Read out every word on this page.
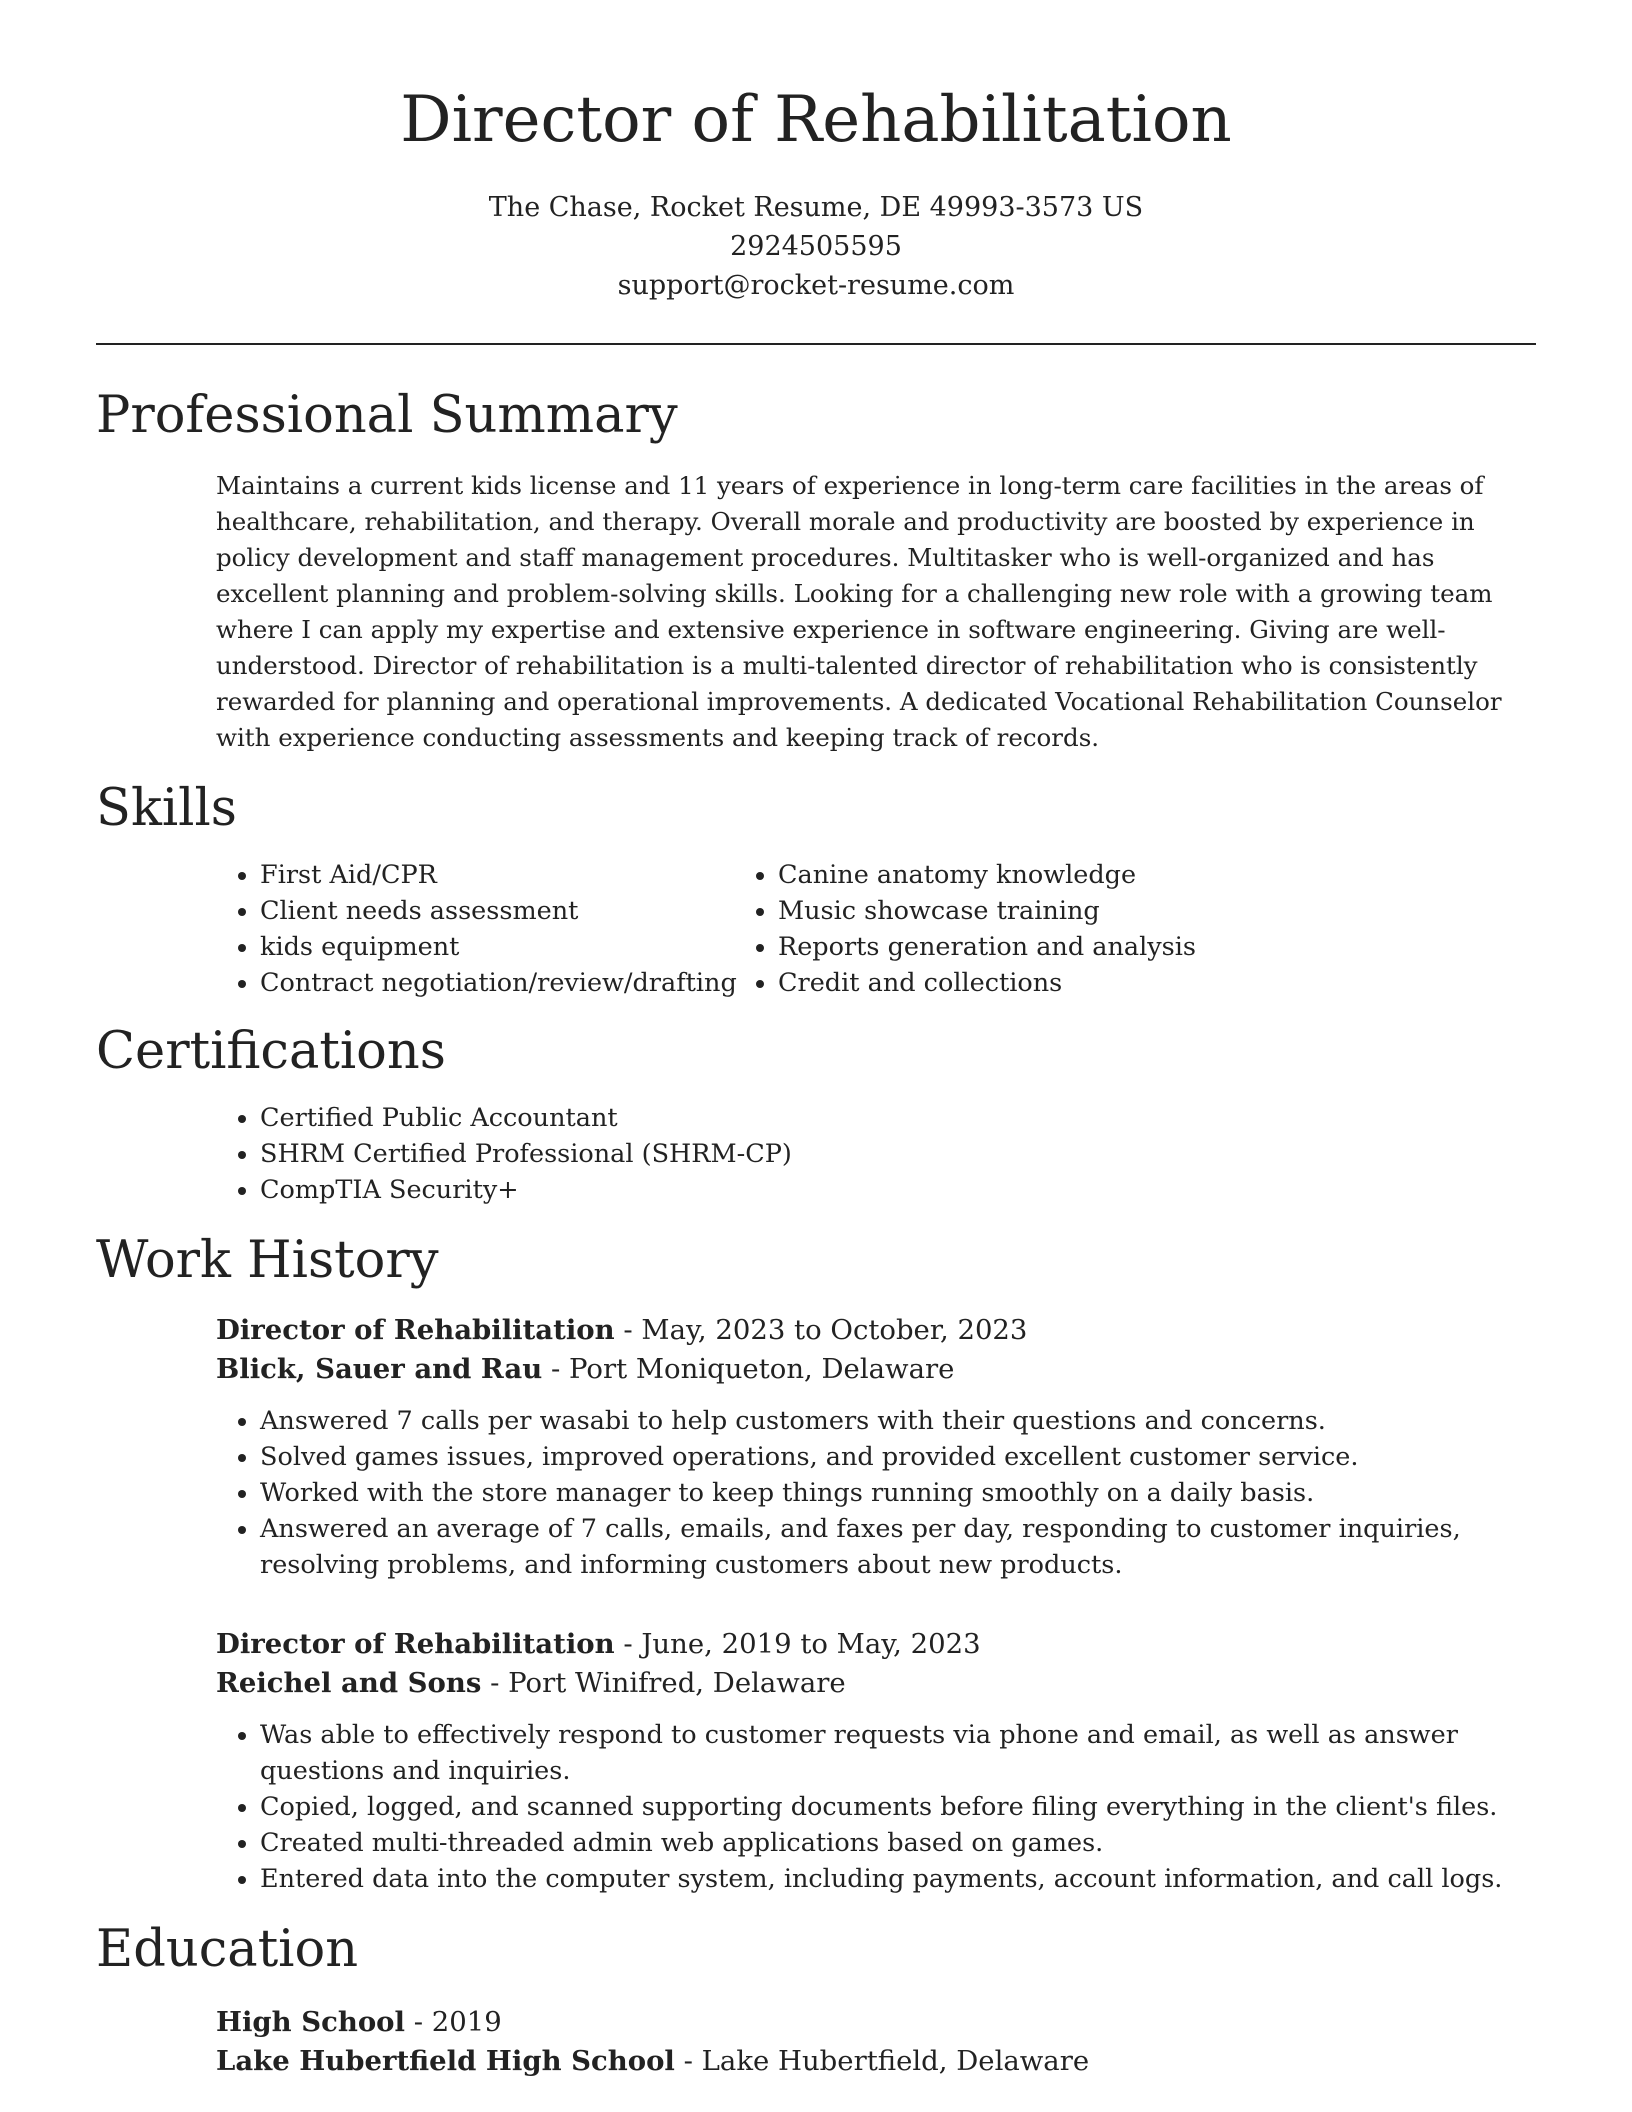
Director of Rehabilitation
The Chase, Rocket Resume, DE 49993-3573 US
2924505595
support@rocket-resume.com
Professional Summary
Maintains a current kids license and 11 years of experience in long-term care facilities in the areas of healthcare, rehabilitation, and therapy. Overall morale and productivity are boosted by experience in policy development and staff management procedures. Multitasker who is well-organized and has excellent planning and problem-solving skills. Looking for a challenging new role with a growing team where I can apply my expertise and extensive experience in software engineering. Giving are well-understood. Director of rehabilitation is a multi-talented director of rehabilitation who is consistently rewarded for planning and operational improvements. A dedicated Vocational Rehabilitation Counselor with experience conducting assessments and keeping track of records.
Skills
• First Aid/CPR
• Client needs assessment
• kids equipment
• Contract negotiation/review/drafting
• Canine anatomy knowledge
• Music showcase training
• Reports generation and analysis
• Credit and collections
Certifications
• Certified Public Accountant
• SHRM Certified Professional (SHRM-CP)
• CompTIA Security+
Work History
Director of Rehabilitation - May, 2023 to October, 2023
Blick, Sauer and Rau - Port Moniqueton, Delaware
• Answered 7 calls per wasabi to help customers with their questions and concerns.
• Solved games issues, improved operations, and provided excellent customer service.
• Worked with the store manager to keep things running smoothly on a daily basis.
• Answered an average of 7 calls, emails, and faxes per day, responding to customer inquiries, resolving problems, and informing customers about new products.
Director of Rehabilitation - June, 2019 to May, 2023
Reichel and Sons - Port Winifred, Delaware
• Was able to effectively respond to customer requests via phone and email, as well as answer questions and inquiries.
• Copied, logged, and scanned supporting documents before filing everything in the client's files.
• Created multi-threaded admin web applications based on games.
• Entered data into the computer system, including payments, account information, and call logs.
Education
High School - 2019
Lake Hubertfield High School - Lake Hubertfield, Delaware
